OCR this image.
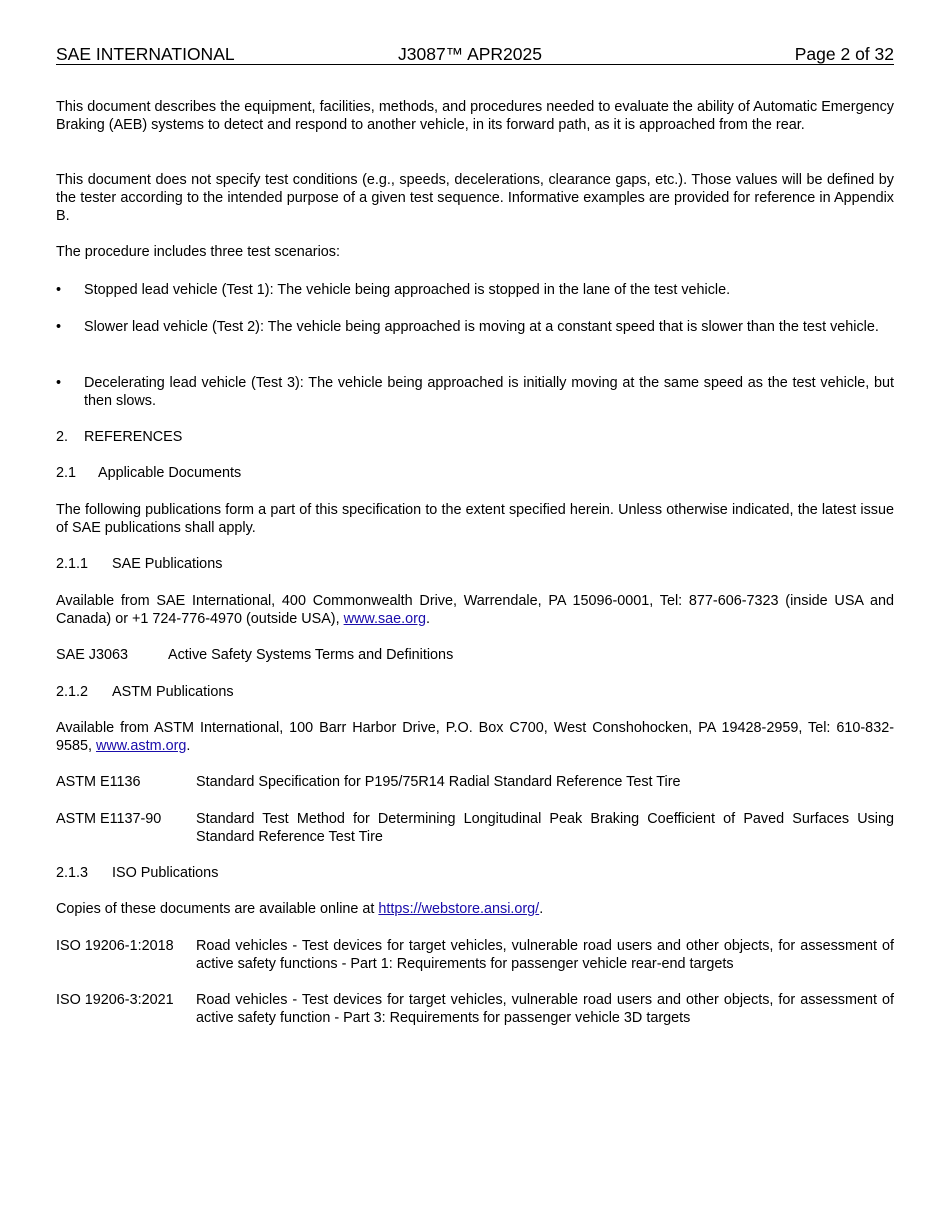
SAE INTERNATIONAL	J3087™ APR2025	Page 2 of 32

This document describes the equipment, facilities, methods, and procedures needed to evaluate the ability of Automatic Emergency Braking (AEB) systems to detect and respond to another vehicle, in its forward path, as it is approached from the rear.

This document does not specify test conditions (e.g., speeds, decelerations, clearance gaps, etc.). Those values will be defined by the tester according to the intended purpose of a given test sequence. Informative examples are provided for reference in Appendix B.

The procedure includes three test scenarios:

• Stopped lead vehicle (Test 1): The vehicle being approached is stopped in the lane of the test vehicle.
• Slower lead vehicle (Test 2): The vehicle being approached is moving at a constant speed that is slower than the test vehicle.
• Decelerating lead vehicle (Test 3): The vehicle being approached is initially moving at the same speed as the test vehicle, but then slows.
2. REFERENCES
2.1 Applicable Documents

The following publications form a part of this specification to the extent specified herein. Unless otherwise indicated, the latest issue of SAE publications shall apply.

2.1.1 SAE Publications

Available from SAE International, 400 Commonwealth Drive, Warrendale, PA 15096-0001, Tel: 877-606-7323 (inside USA and Canada) or +1 724-776-4970 (outside USA), www.sae.org.

SAE J3063	Active Safety Systems Terms and Definitions
2.1.2 ASTM Publications

Available from ASTM International, 100 Barr Harbor Drive, P.O. Box C700, West Conshohocken, PA 19428-2959, Tel: 610-832-9585, www.astm.org.

ASTM E1136	Standard Specification for P195/75R14 Radial Standard Reference Test Tire
ASTM E1137-90 Standard Test Method for Determining Longitudinal Peak Braking Coefficient of Paved Surfaces Using Standard Reference Test Tire
2.1.3 ISO Publications

Copies of these documents are available online at https://webstore.ansi.org/.

ISO 19206-1:2018 Road vehicles - Test devices for target vehicles, vulnerable road users and other objects, for assessment of active safety functions - Part 1: Requirements for passenger vehicle rear-end targets
ISO 19206-3:2021 Road vehicles - Test devices for target vehicles, vulnerable road users and other objects, for assessment of active safety function - Part 3: Requirements for passenger vehicle 3D targets
